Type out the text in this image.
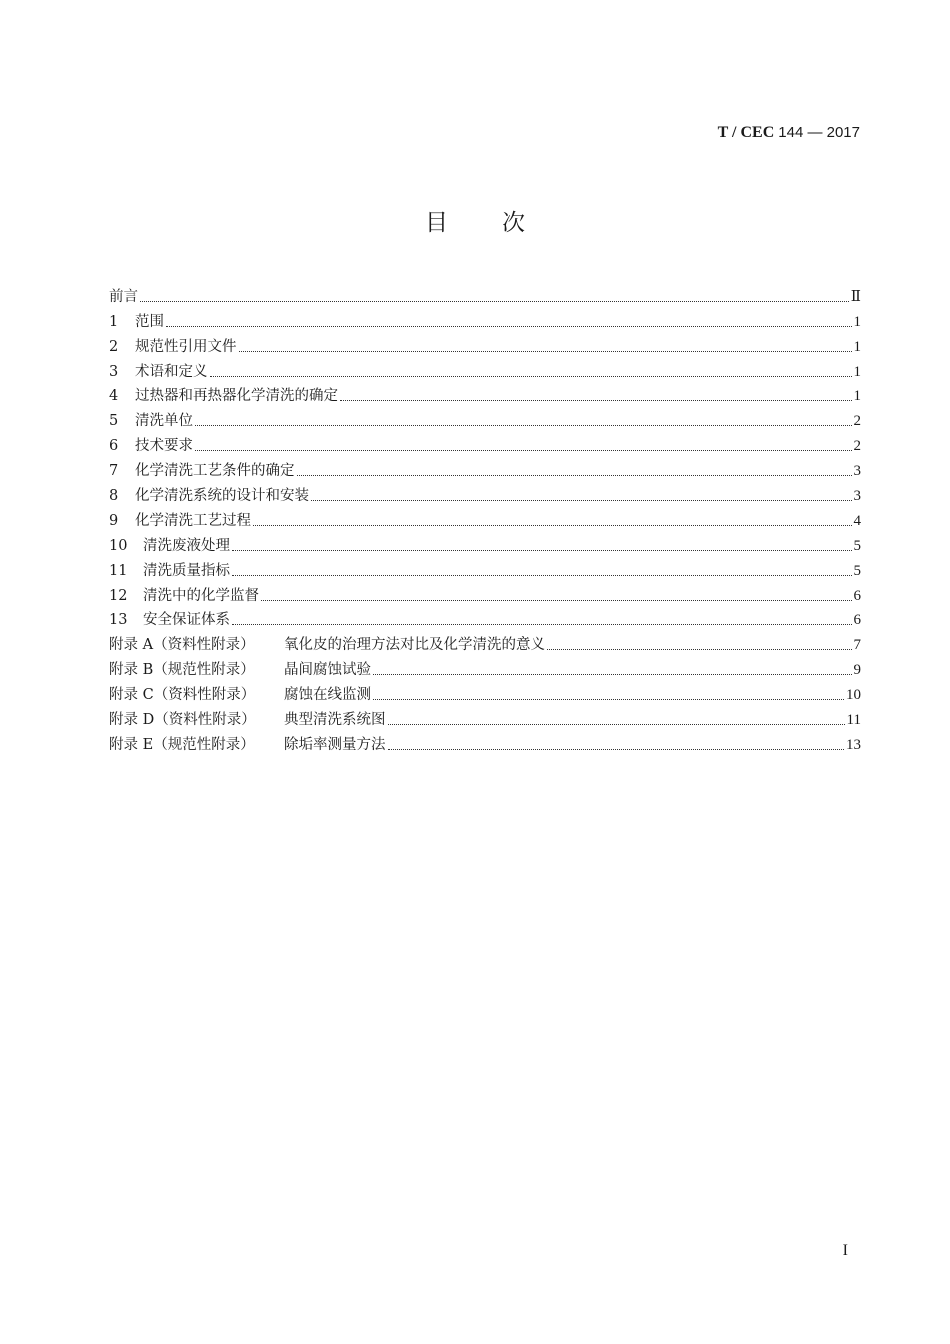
T / CEC 144 — 2017
目次
前言	Ⅱ
1	范围	1
2	规范性引用文件	1
3	术语和定义	1
4	过热器和再热器化学清洗的确定	1
5	清洗单位	2
6	技术要求	2
7	化学清洗工艺条件的确定	3
8	化学清洗系统的设计和安装	3
9	化学清洗工艺过程	4
10	清洗废液处理	5
11	清洗质量指标	5
12	清洗中的化学监督	6
13	安全保证体系	6
附录 A（资料性附录）	氧化皮的治理方法对比及化学清洗的意义	7
附录 B（规范性附录）	晶间腐蚀试验	9
附录 C（资料性附录）	腐蚀在线监测	10
附录 D（资料性附录）	典型清洗系统图	11
附录 E（规范性附录）	除垢率测量方法	13
I
